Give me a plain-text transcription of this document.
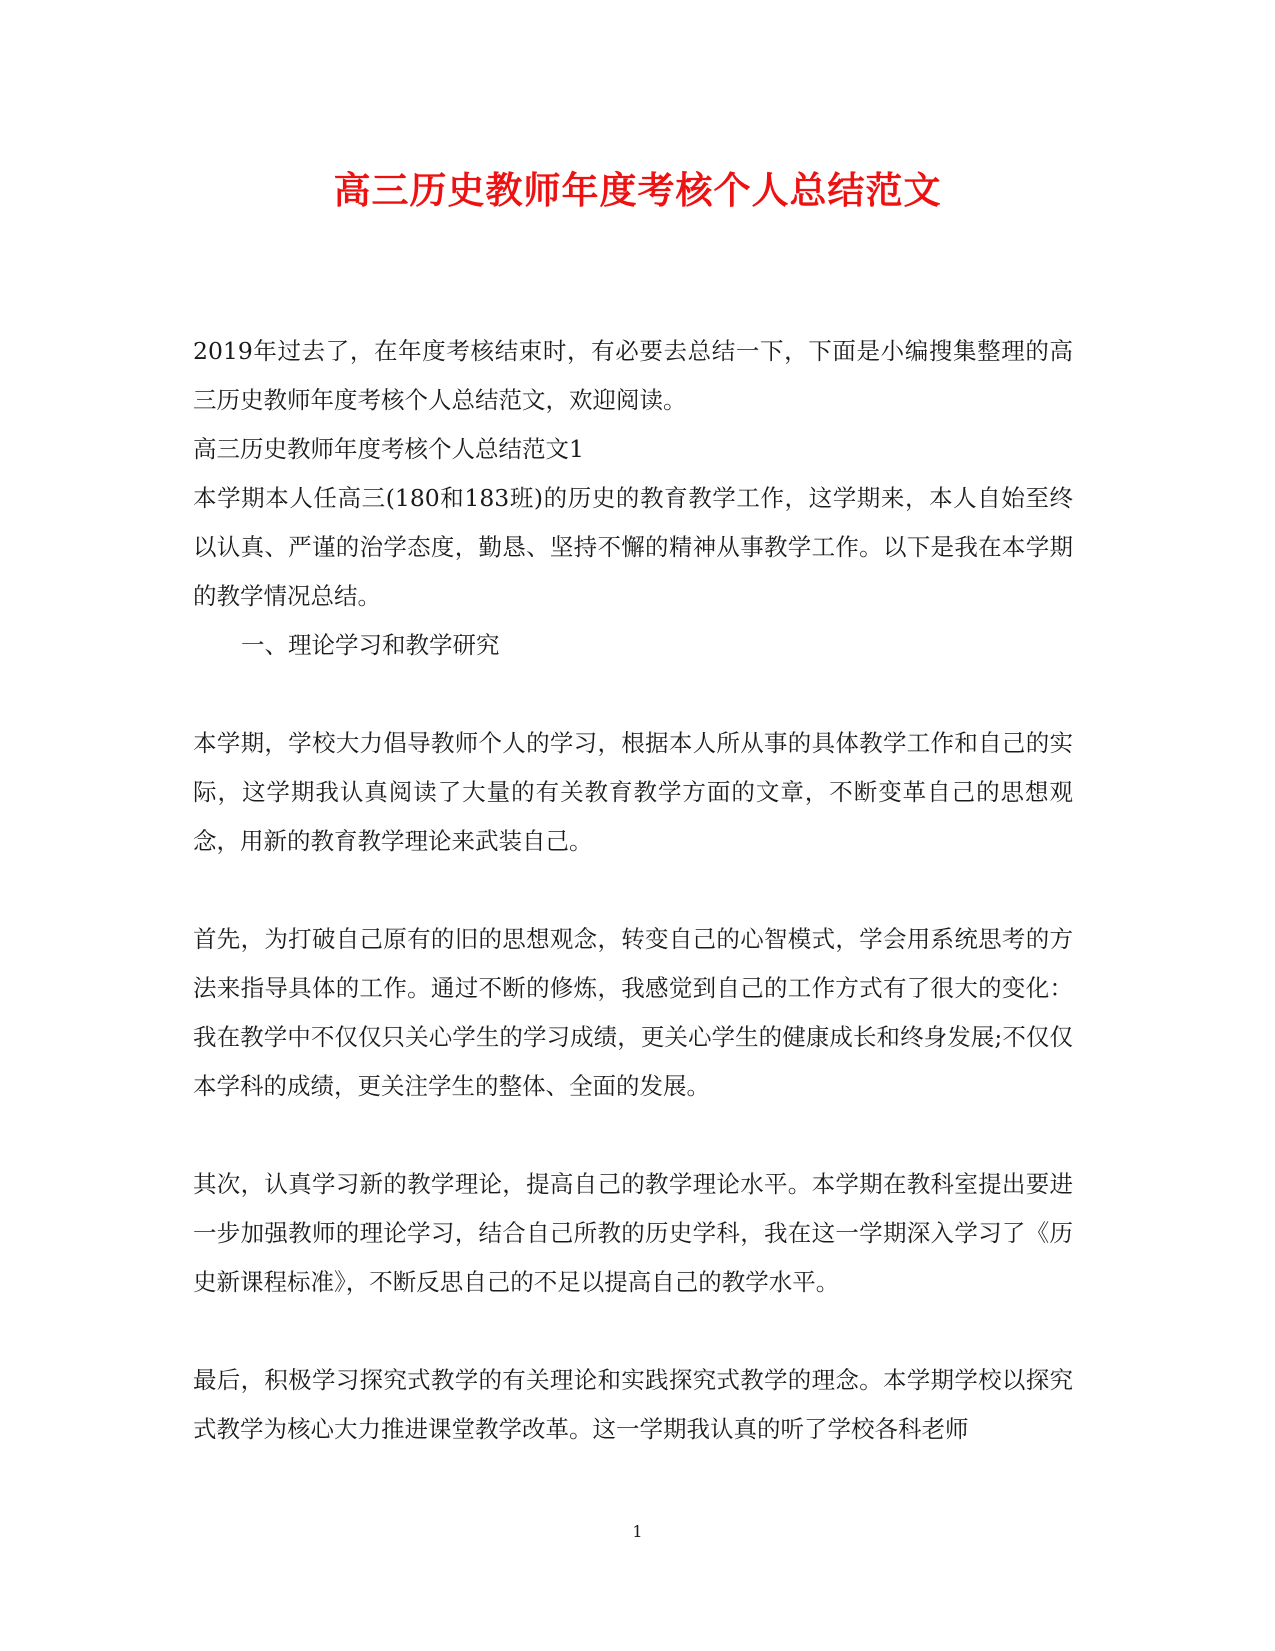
高三历史教师年度考核个人总结范文

2019年过去了，在年度考核结束时，有必要去总结一下，下面是小编搜集整理的高三历史教师年度考核个人总结范文，欢迎阅读。

高三历史教师年度考核个人总结范文1

本学期本人任高三(180和183班)的历史的教育教学工作，这学期来，本人自始至终以认真、严谨的治学态度，勤恳、坚持不懈的精神从事教学工作。以下是我在本学期的教学情况总结。

一、理论学习和教学研究

本学期，学校大力倡导教师个人的学习，根据本人所从事的具体教学工作和自己的实际，这学期我认真阅读了大量的有关教育教学方面的文章，不断变革自己的思想观念，用新的教育教学理论来武装自己。

首先，为打破自己原有的旧的思想观念，转变自己的心智模式，学会用系统思考的方法来指导具体的工作。通过不断的修炼，我感觉到自己的工作方式有了很大的变化：我在教学中不仅仅只关心学生的学习成绩，更关心学生的健康成长和终身发展;不仅仅本学科的成绩，更关注学生的整体、全面的发展。

其次，认真学习新的教学理论，提高自己的教学理论水平。本学期在教科室提出要进一步加强教师的理论学习，结合自己所教的历史学科，我在这一学期深入学习了《历史新课程标准》，不断反思自己的不足以提高自己的教学水平。

最后，积极学习探究式教学的有关理论和实践探究式教学的理念。本学期学校以探究式教学为核心大力推进课堂教学改革。这一学期我认真的听了学校各科老师

1
